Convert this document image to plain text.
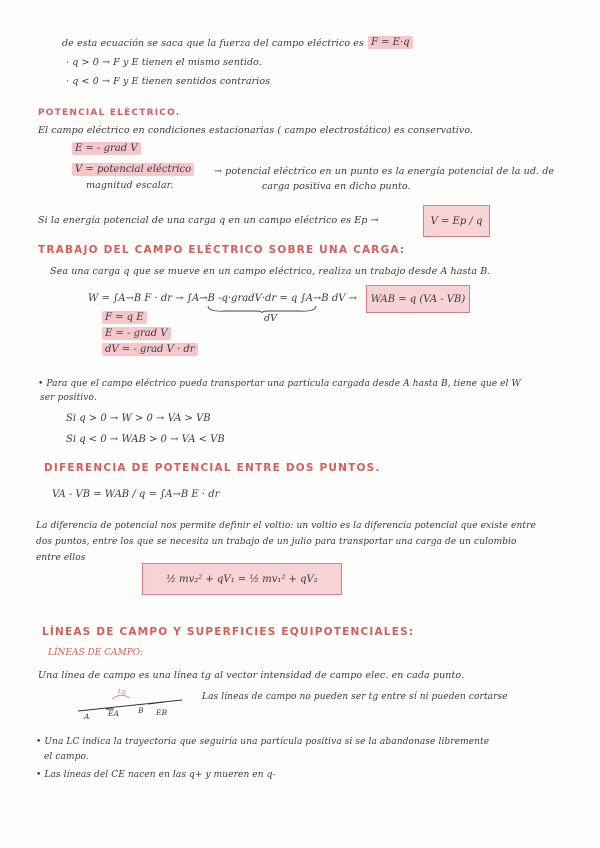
de esta ecuación se saca que la fuerza del campo eléctrico es F = E·q
· q > 0 → F y E tienen el mismo sentido.
· q < 0 → F y E tienen sentidos contrarios
POTENCIAL ELÉCTRICO.
El campo eléctrico en condiciones estacionarias ( campo electrostático) es conservativo.
E = - grad V
V = potencial eléctrico
magnitud escalar.
→ potencial eléctrico en un punto es la energía potencial de la ud. de
carga positiva en dicho punto.
Si la energía potencial de una carga q en un campo eléctrico es Ep →	V = Ep / q
TRABAJO DEL CAMPO ELÉCTRICO SOBRE UNA CARGA:
Sea una carga q que se mueve en un campo eléctrico, realiza un trabajo desde A hasta B.
W = ∫A→B F · dr → ∫A→B -q·gradV·dr = q ∫A→B dV →
dV
WAB = q (VA - VB)
F = q E
E = - grad V
dV = - grad V · dr
• Para que el campo eléctrico pueda transportar una partícula cargada desde A hasta B, tiene que el W
ser positivo.
Si q > 0 → W > 0 → VA > VB
Si q < 0 → WAB > 0 → VA < VB
DIFERENCIA DE POTENCIAL ENTRE DOS PUNTOS.
VA - VB = WAB / q = ∫A→B E · dr
La diferencia de potencial nos permite definir el voltio: un voltio es la diferencia potencial que existe entre
dos puntos, entre los que se necesita un trabajo de un julio para transportar una carga de un culombio
entre ellos
½ mv₂² + qV₁ = ½ mv₁² + qV₂
LÍNEAS DE CAMPO Y SUPERFICIES EQUIPOTENCIALES:
LÍNEAS DE CAMPO:
Una línea de campo es una línea tg al vector intensidad de campo elec. en cada punto.
Las líneas de campo no pueden ser tg entre sí ni pueden cortarse
tg
A EA	B EB
• Una LC indica la trayectoria que seguiría una partícula positiva si se la abandonase libremente
el campo.
• Las líneas del CE nacen en las q+ y mueren en q-
